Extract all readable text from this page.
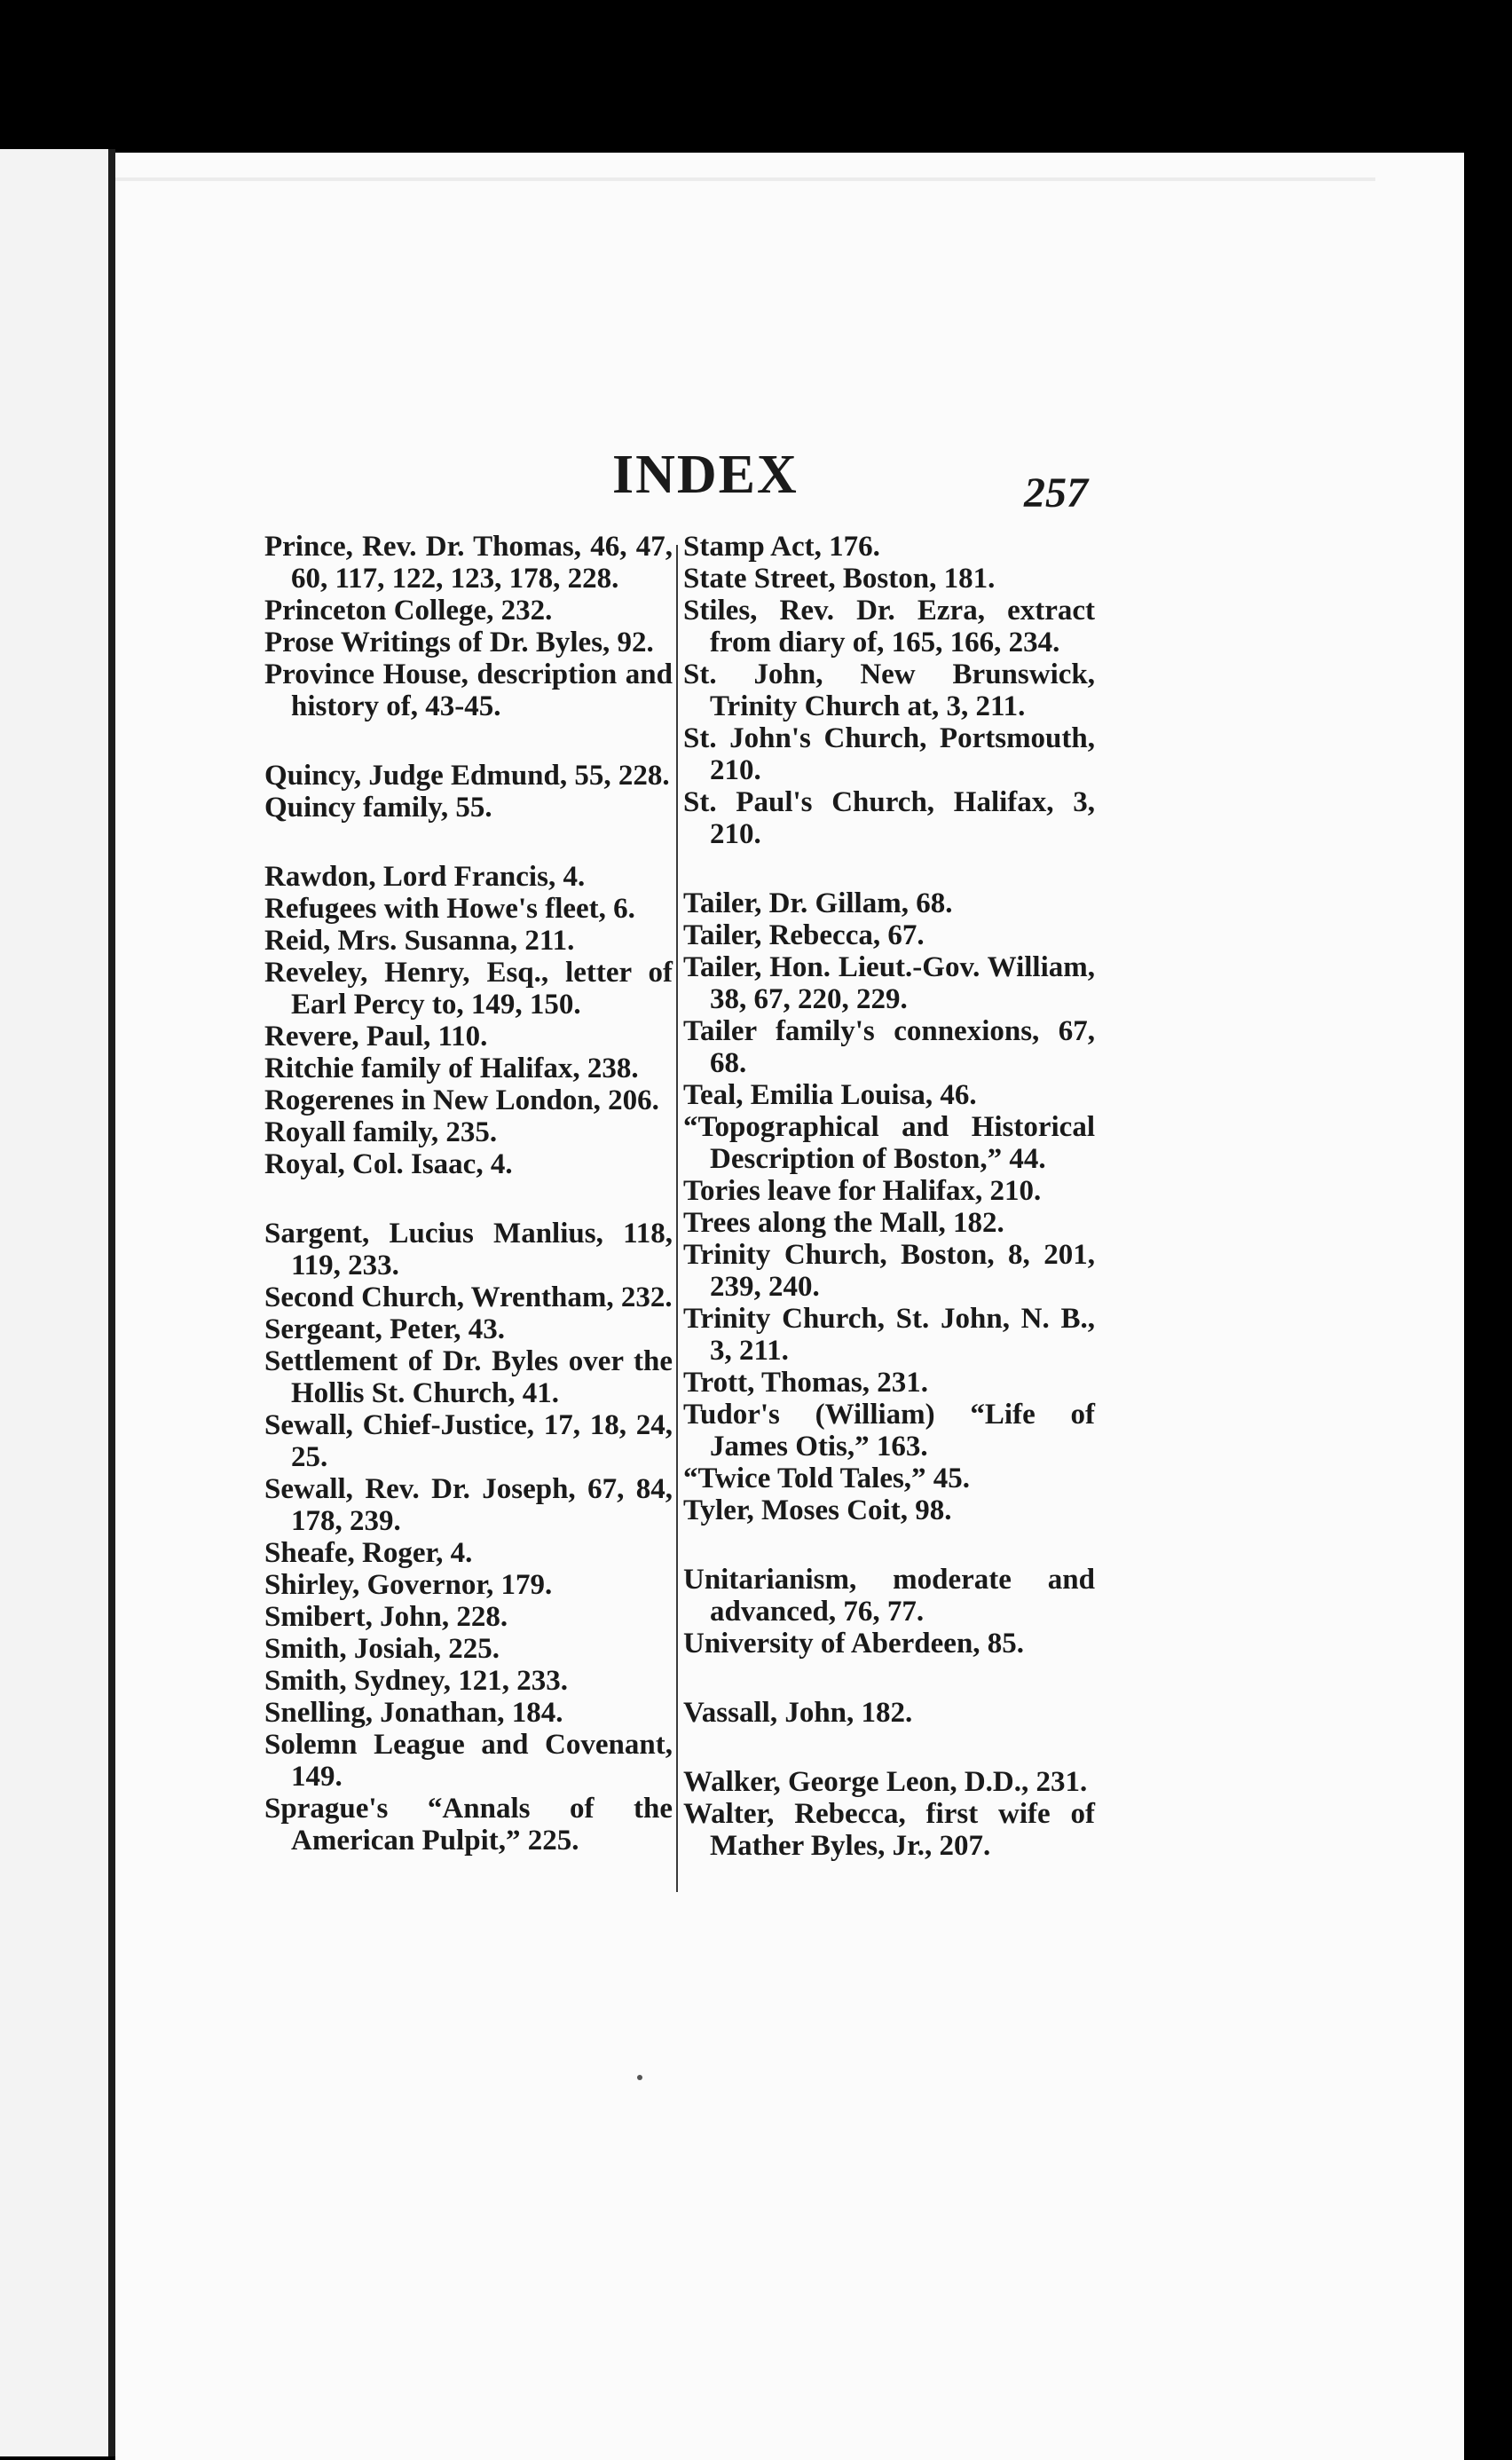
INDEX	257
Prince, Rev. Dr. Thomas, 46, 47, 60, 117, 122, 123, 178, 228.
Princeton College, 232.
Prose Writings of Dr. Byles, 92.
Province House, description and history of, 43-45.
Quincy, Judge Edmund, 55, 228.
Quincy family, 55.
Rawdon, Lord Francis, 4.
Refugees with Howe's fleet, 6.
Reid, Mrs. Susanna, 211.
Reveley, Henry, Esq., letter of Earl Percy to, 149, 150.
Revere, Paul, 110.
Ritchie family of Halifax, 238.
Rogerenes in New London, 206.
Royall family, 235.
Royal, Col. Isaac, 4.
Sargent, Lucius Manlius, 118, 119, 233.
Second Church, Wrentham, 232.
Sergeant, Peter, 43.
Settlement of Dr. Byles over the Hollis St. Church, 41.
Sewall, Chief-Justice, 17, 18, 24, 25.
Sewall, Rev. Dr. Joseph, 67, 84, 178, 239.
Sheafe, Roger, 4.
Shirley, Governor, 179.
Smibert, John, 228.
Smith, Josiah, 225.
Smith, Sydney, 121, 233.
Snelling, Jonathan, 184.
Solemn League and Covenant, 149.
Sprague's “Annals of the American Pulpit,” 225.
Stamp Act, 176.
State Street, Boston, 181.
Stiles, Rev. Dr. Ezra, extract from diary of, 165, 166, 234.
St. John, New Brunswick, Trinity Church at, 3, 211.
St. John's Church, Portsmouth, 210.
St. Paul's Church, Halifax, 3, 210.
Tailer, Dr. Gillam, 68.
Tailer, Rebecca, 67.
Tailer, Hon. Lieut.-Gov. William, 38, 67, 220, 229.
Tailer family's connexions, 67, 68.
Teal, Emilia Louisa, 46.
“Topographical and Historical Description of Boston,” 44.
Tories leave for Halifax, 210.
Trees along the Mall, 182.
Trinity Church, Boston, 8, 201, 239, 240.
Trinity Church, St. John, N. B., 3, 211.
Trott, Thomas, 231.
Tudor's (William) “Life of James Otis,” 163.
“Twice Told Tales,” 45.
Tyler, Moses Coit, 98.
Unitarianism, moderate and advanced, 76, 77.
University of Aberdeen, 85.
Vassall, John, 182.
Walker, George Leon, D.D., 231.
Walter, Rebecca, first wife of Mather Byles, Jr., 207.
